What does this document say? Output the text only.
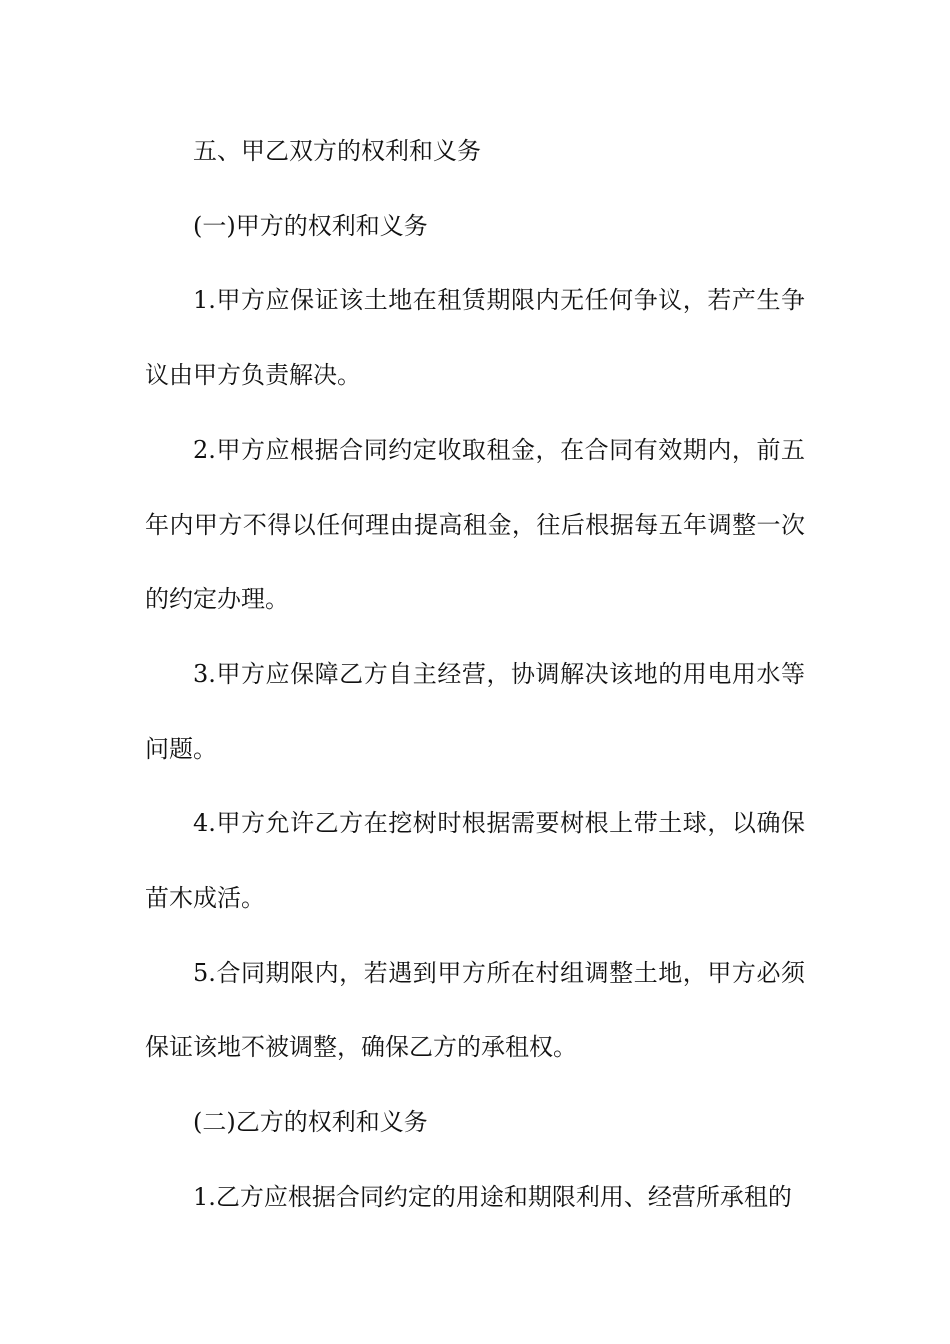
五、甲乙双方的权利和义务

(一)甲方的权利和义务

1.甲方应保证该土地在租赁期限内无任何争议，若产生争议由甲方负责解决。

2.甲方应根据合同约定收取租金，在合同有效期内，前五年内甲方不得以任何理由提高租金，往后根据每五年调整一次的约定办理。

3.甲方应保障乙方自主经营，协调解决该地的用电用水等问题。

4.甲方允许乙方在挖树时根据需要树根上带土球，以确保苗木成活。

5.合同期限内，若遇到甲方所在村组调整土地，甲方必须保证该地不被调整，确保乙方的承租权。

(二)乙方的权利和义务

1.乙方应根据合同约定的用途和期限利用、经营所承租的
